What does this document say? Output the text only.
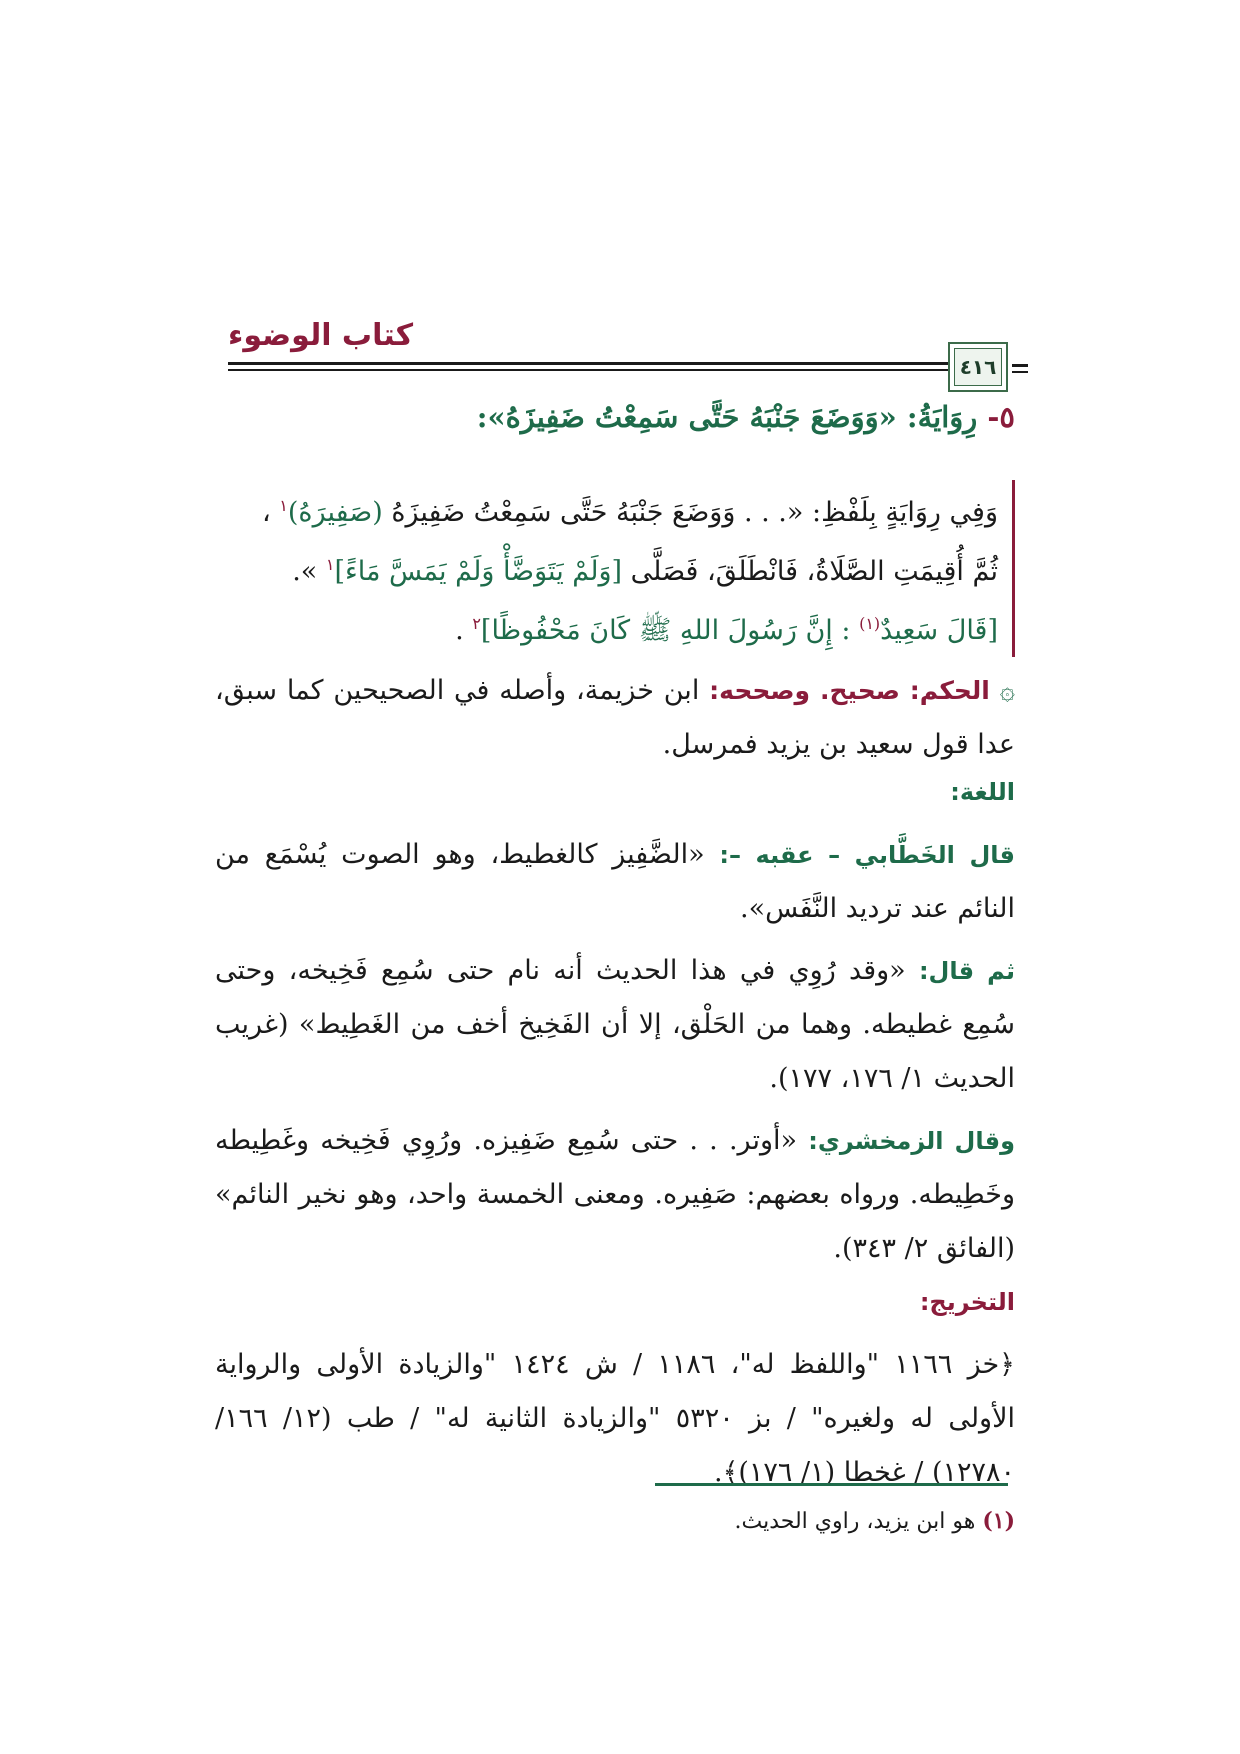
كتاب الوضوء
٤١٦
٥- رِوَايَةُ: «وَوَضَعَ جَنْبَهُ حَتَّى سَمِعْتُ ضَفِيزَهُ»:
وَفِي رِوَايَةٍ بِلَفْظِ: «. . . وَوَضَعَ جَنْبَهُ حَتَّى سَمِعْتُ ضَفِيزَهُ (صَفِيرَهُ)$^١$ ،
ثُمَّ أُقِيمَتِ الصَّلَاةُ، فَانْطَلَقَ، فَصَلَّى [وَلَمْ يَتَوَضَّأْ وَلَمْ يَمَسَّ مَاءً]$^١$ ».
[قَالَ سَعِيدٌ$^{(١)}$ : إِنَّ رَسُولَ اللهِ ﷺ كَانَ مَحْفُوظًا]$^٢$ .
۞ الحكم: صحيح. وصححه: ابن خزيمة، وأصله في الصحيحين كما سبق، عدا قول سعيد بن يزيد فمرسل.
اللغة:
قال الخَطَّابي – عقبه –: «الضَّفِيز كالغطيط، وهو الصوت يُسْمَع من النائم عند ترديد النَّفَس».
ثم قال: «وقد رُوِي في هذا الحديث أنه نام حتى سُمِع فَخِيخه، وحتى سُمِع غطيطه. وهما من الحَلْق، إلا أن الفَخِيخ أخف من الغَطِيط» (غريب الحديث ١/ ١٧٦، ١٧٧).
وقال الزمخشري: «أوتر. . . حتى سُمِع ضَفِيزه. ورُوِي فَخِيخه وغَطِيطه وخَطِيطه. ورواه بعضهم: صَفِيره. ومعنى الخمسة واحد، وهو نخير النائم» (الفائق ٢/ ٣٤٣).
التخريج:
﴿خز ١١٦٦ "واللفظ له"، ١١٨٦ / ش ١٤٢٤ "والزيادة الأولى والرواية الأولى له ولغيره" / بز ٥٣٢٠ "والزيادة الثانية له" / طب (١٢/ ١٦٦/ ١٢٧٨٠) / غخطا (١/ ١٧٦)﴾.
(١) هو ابن يزيد، راوي الحديث.
